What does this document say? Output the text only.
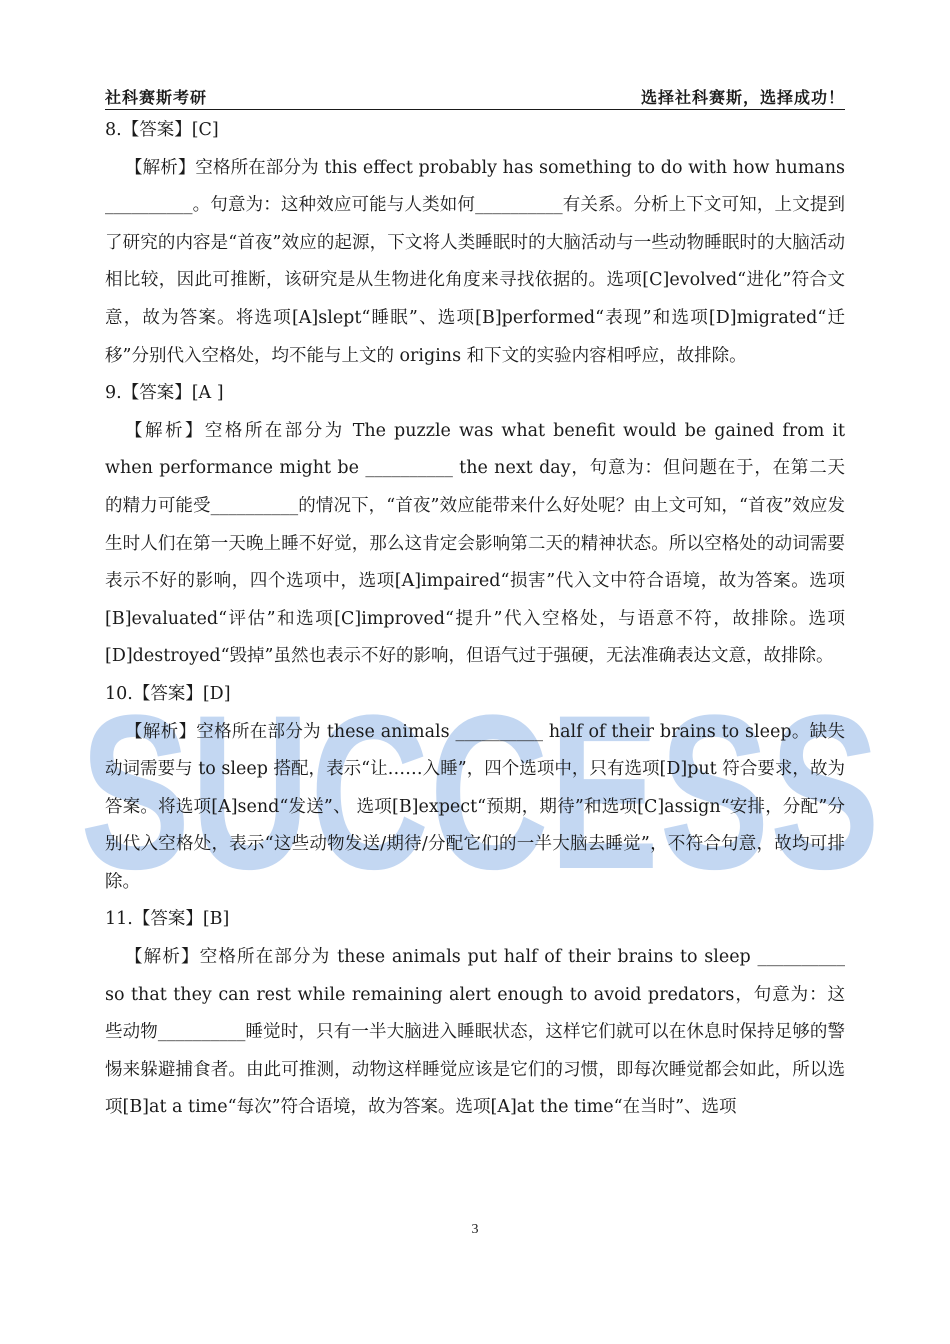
SUCCESS
社科赛斯考研	选择社科赛斯，选择成功！

8.【答案】[C]

【解析】空格所在部分为 this effect probably has something to do with how humans __________。句意为：这种效应可能与人类如何__________有关系。分析上下文可知，上文提到了研究的内容是“首夜”效应的起源，下文将人类睡眠时的大脑活动与一些动物睡眠时的大脑活动相比较，因此可推断，该研究是从生物进化角度来寻找依据的。选项[C]evolved“进化”符合文意，故为答案。将选项[A]slept“睡眠”、选项[B]performed“表现”和选项[D]migrated“迁移”分别代入空格处，均不能与上文的 origins 和下文的实验内容相呼应，故排除。

9.【答案】[A ]

【解析】空格所在部分为 The puzzle was what benefit would be gained from it when performance might be __________ the next day，句意为：但问题在于，在第二天的精力可能受__________的情况下，“首夜”效应能带来什么好处呢？由上文可知，“首夜”效应发生时人们在第一天晚上睡不好觉，那么这肯定会影响第二天的精神状态。所以空格处的动词需要表示不好的影响，四个选项中，选项[A]impaired“损害”代入文中符合语境，故为答案。选项[B]evaluated“评估”和选项[C]improved“提升”代入空格处，与语意不符，故排除。选项[D]destroyed“毁掉”虽然也表示不好的影响，但语气过于强硬，无法准确表达文意，故排除。

10.【答案】[D]

【解析】空格所在部分为 these animals __________ half of their brains to sleep。缺失动词需要与 to sleep 搭配，表示“让……入睡”，四个选项中，只有选项[D]put 符合要求，故为答案。将选项[A]send“发送”、 选项[B]expect“预期，期待”和选项[C]assign“安排，分配”分别代入空格处，表示“这些动物发送/期待/分配它们的一半大脑去睡觉”，不符合句意，故均可排除。

11.【答案】[B]

【解析】空格所在部分为 these animals put half of their brains to sleep __________ so that they can rest while remaining alert enough to avoid predators，句意为：这些动物__________睡觉时，只有一半大脑进入睡眠状态，这样它们就可以在休息时保持足够的警惕来躲避捕食者。由此可推测，动物这样睡觉应该是它们的习惯，即每次睡觉都会如此，所以选项[B]at a time“每次”符合语境，故为答案。选项[A]at the time“在当时”、选项

3
